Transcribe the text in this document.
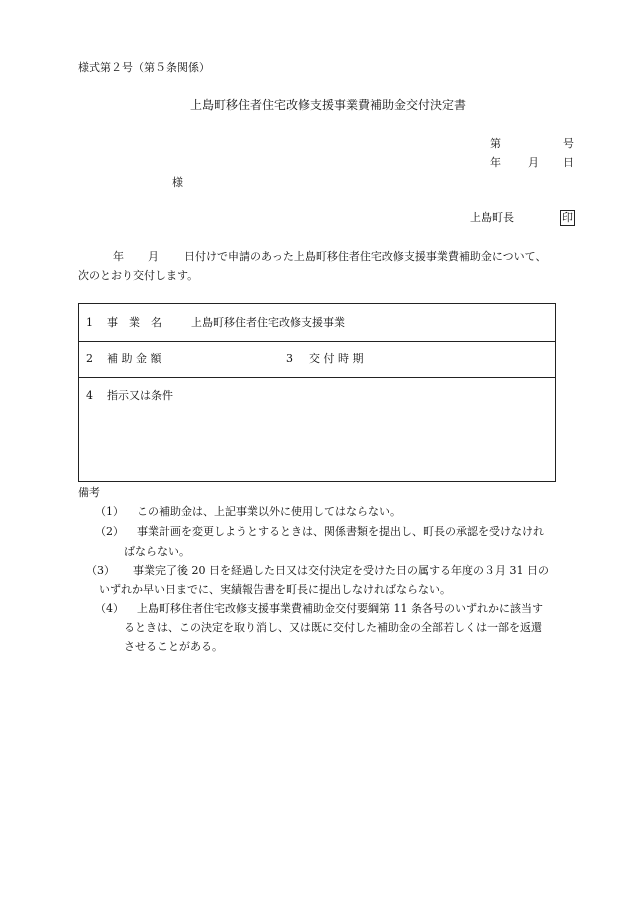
様式第２号（第５条関係）
上島町移住者住宅改修支援事業費補助金交付決定書
第	号
年 月 日
様
上島町長	印
年 月 日付けで申請のあった上島町移住者住宅改修支援事業費補助金について、
次のとおり交付します。
1 事　業　名	上島町移住者住宅改修支援事業
2 補 助 金 額	3 交 付 時 期
4 指示又は条件
備考
（1） この補助金は、上記事業以外に使用してはならない。
（2） 事業計画を変更しようとするときは、関係書類を提出し、町長の承認を受けなけれ
ばならない。
（3） 事業完了後 20 日を経過した日又は交付決定を受けた日の属する年度の３月 31 日の
いずれか早い日までに、実績報告書を町長に提出しなければならない。
（4） 上島町移住者住宅改修支援事業費補助金交付要綱第 11 条各号のいずれかに該当す
るときは、この決定を取り消し、又は既に交付した補助金の全部若しくは一部を返還
させることがある。
